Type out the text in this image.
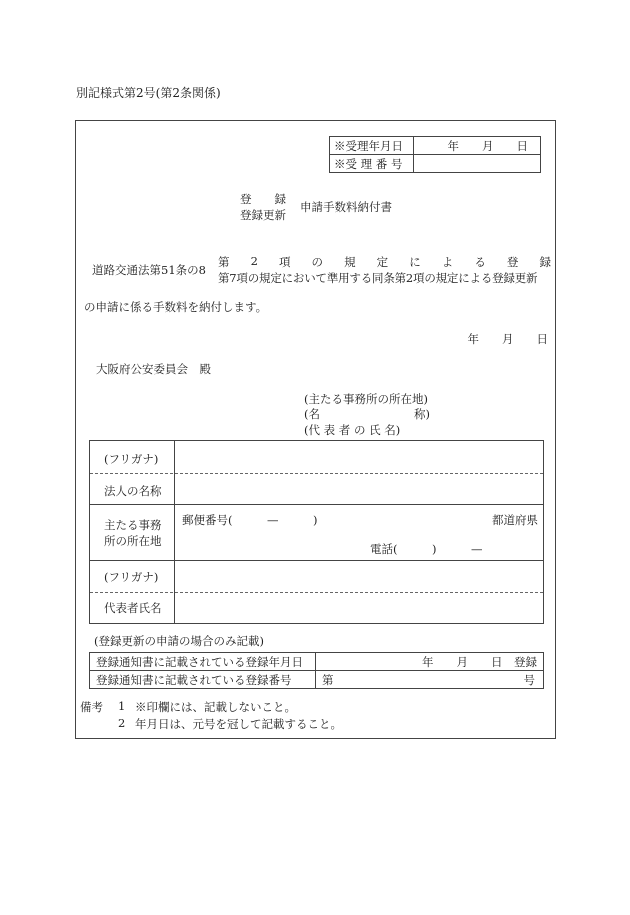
別記様式第2号(第2条関係)
※受理年月日	年　　月　　日
※受 理 番 号	
登　　録
登録更新
申請手数料納付書
道路交通法第51条の8
第 2 項 の 規 定 に よ る 登 録
第7項の規定において準用する同条第2項の規定による登録更新
の申請に係る手数料を納付します。
年　　月　　日
大阪府公安委員会　殿
(主たる事務所の所在地)
(名	称)
(代 表 者 の 氏 名)
(フリガナ)
法人の名称
主たる事務
所の所在地
郵便番号(　　　—　　　)	都道府県
電話(　　　)　　　—
(フリガナ)
代表者氏名
(登録更新の申請の場合のみ記載)
登録通知書に記載されている登録年月日	年　　月　　日　登録
登録通知書に記載されている登録番号	第 号
備考 1 ※印欄には、記載しないこと。
2 年月日は、元号を冠して記載すること。
